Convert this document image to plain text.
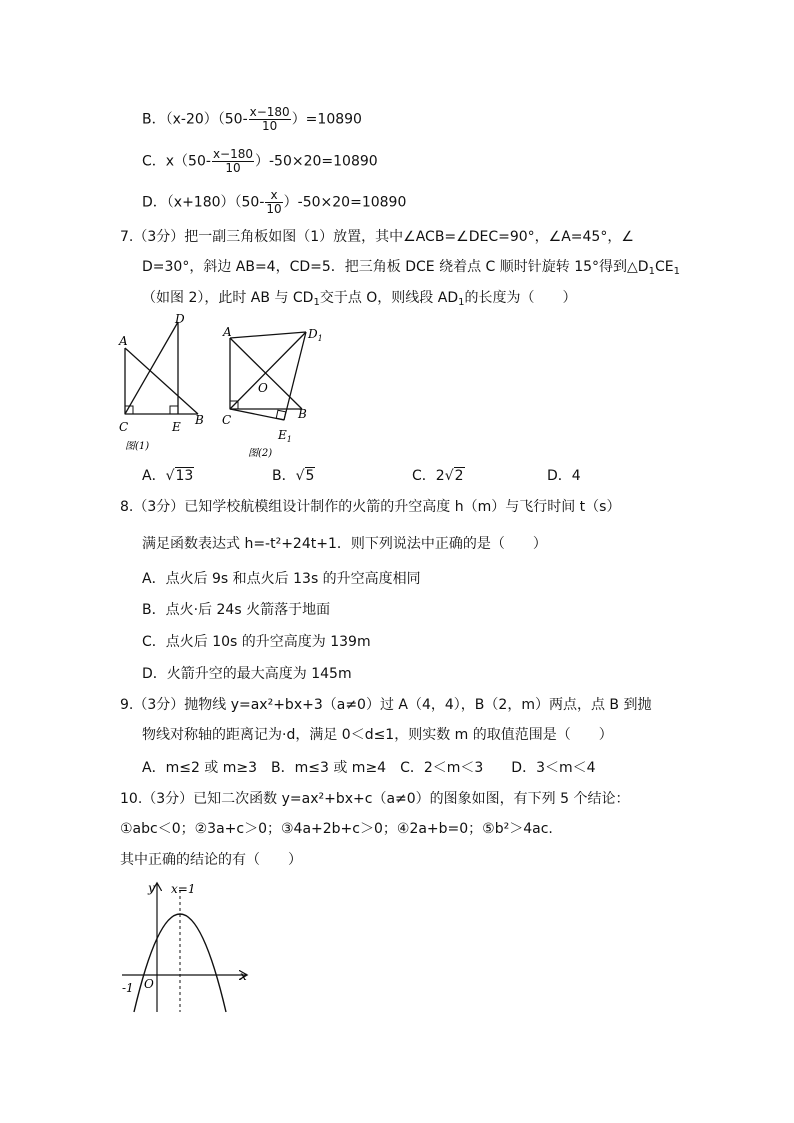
B．$(x-20)(50- \frac{x-180}{10} )=10890$
C．$x(50- \frac{x-180}{10} )-50\times 20=10890$
D．$(x+180)(50- \frac{x}{10} )-50\times 20=10890$
7.（3分）把一副三角板如图（1）放置，其中∠ACB=∠DEC=90°，∠A=45°，∠
D=30°，斜边 AB=4，CD=5．把三角板 DCE 绕着点 C 顺时针旋转 15°得到$\triangle D_1CE_1$
（如图 2），此时 AB 与 $CD_1$交于点 O，则线段 $AD_1$的长度为（　　）
A
D
C	E B
图(1)
A	$D_1$
O
C	B
$E_1$
图(2)
A．√13	B．√5	C．2√2	D．4
8.（3分）已知学校航模组设计制作的火箭的升空高度 h（m）与飞行时间 t（s）
满足函数表达式 h=-t²+24t+1．则下列说法中正确的是（　　）
A．点火后 9s 和点火后 13s 的升空高度相同
B．点火·后 24s 火箭落于地面
C．点火后 10s 的升空高度为 139m
D．火箭升空的最大高度为 145m
9.（3分）抛物线 y=ax²+bx+3（a≠0）过 A（4，4），B（2，m）两点，点 B 到抛
物线对称轴的距离记为·d，满足 0＜d≤1，则实数 m 的取值范围是（　　）
A．m≤2 或 m≥3　B．m≤3 或 m≥4　C．2＜m＜3　　D．3＜m＜4
10.（3分）已知二次函数 y=ax²+bx+c（a≠0）的图象如图，有下列 5 个结论：
①abc＜0；②3a+c＞0；③4a+2b+c＞0；④2a+b=0；⑤b²＞4ac.
其中正确的结论的有（　　）
y
x
x=1
-1 O
